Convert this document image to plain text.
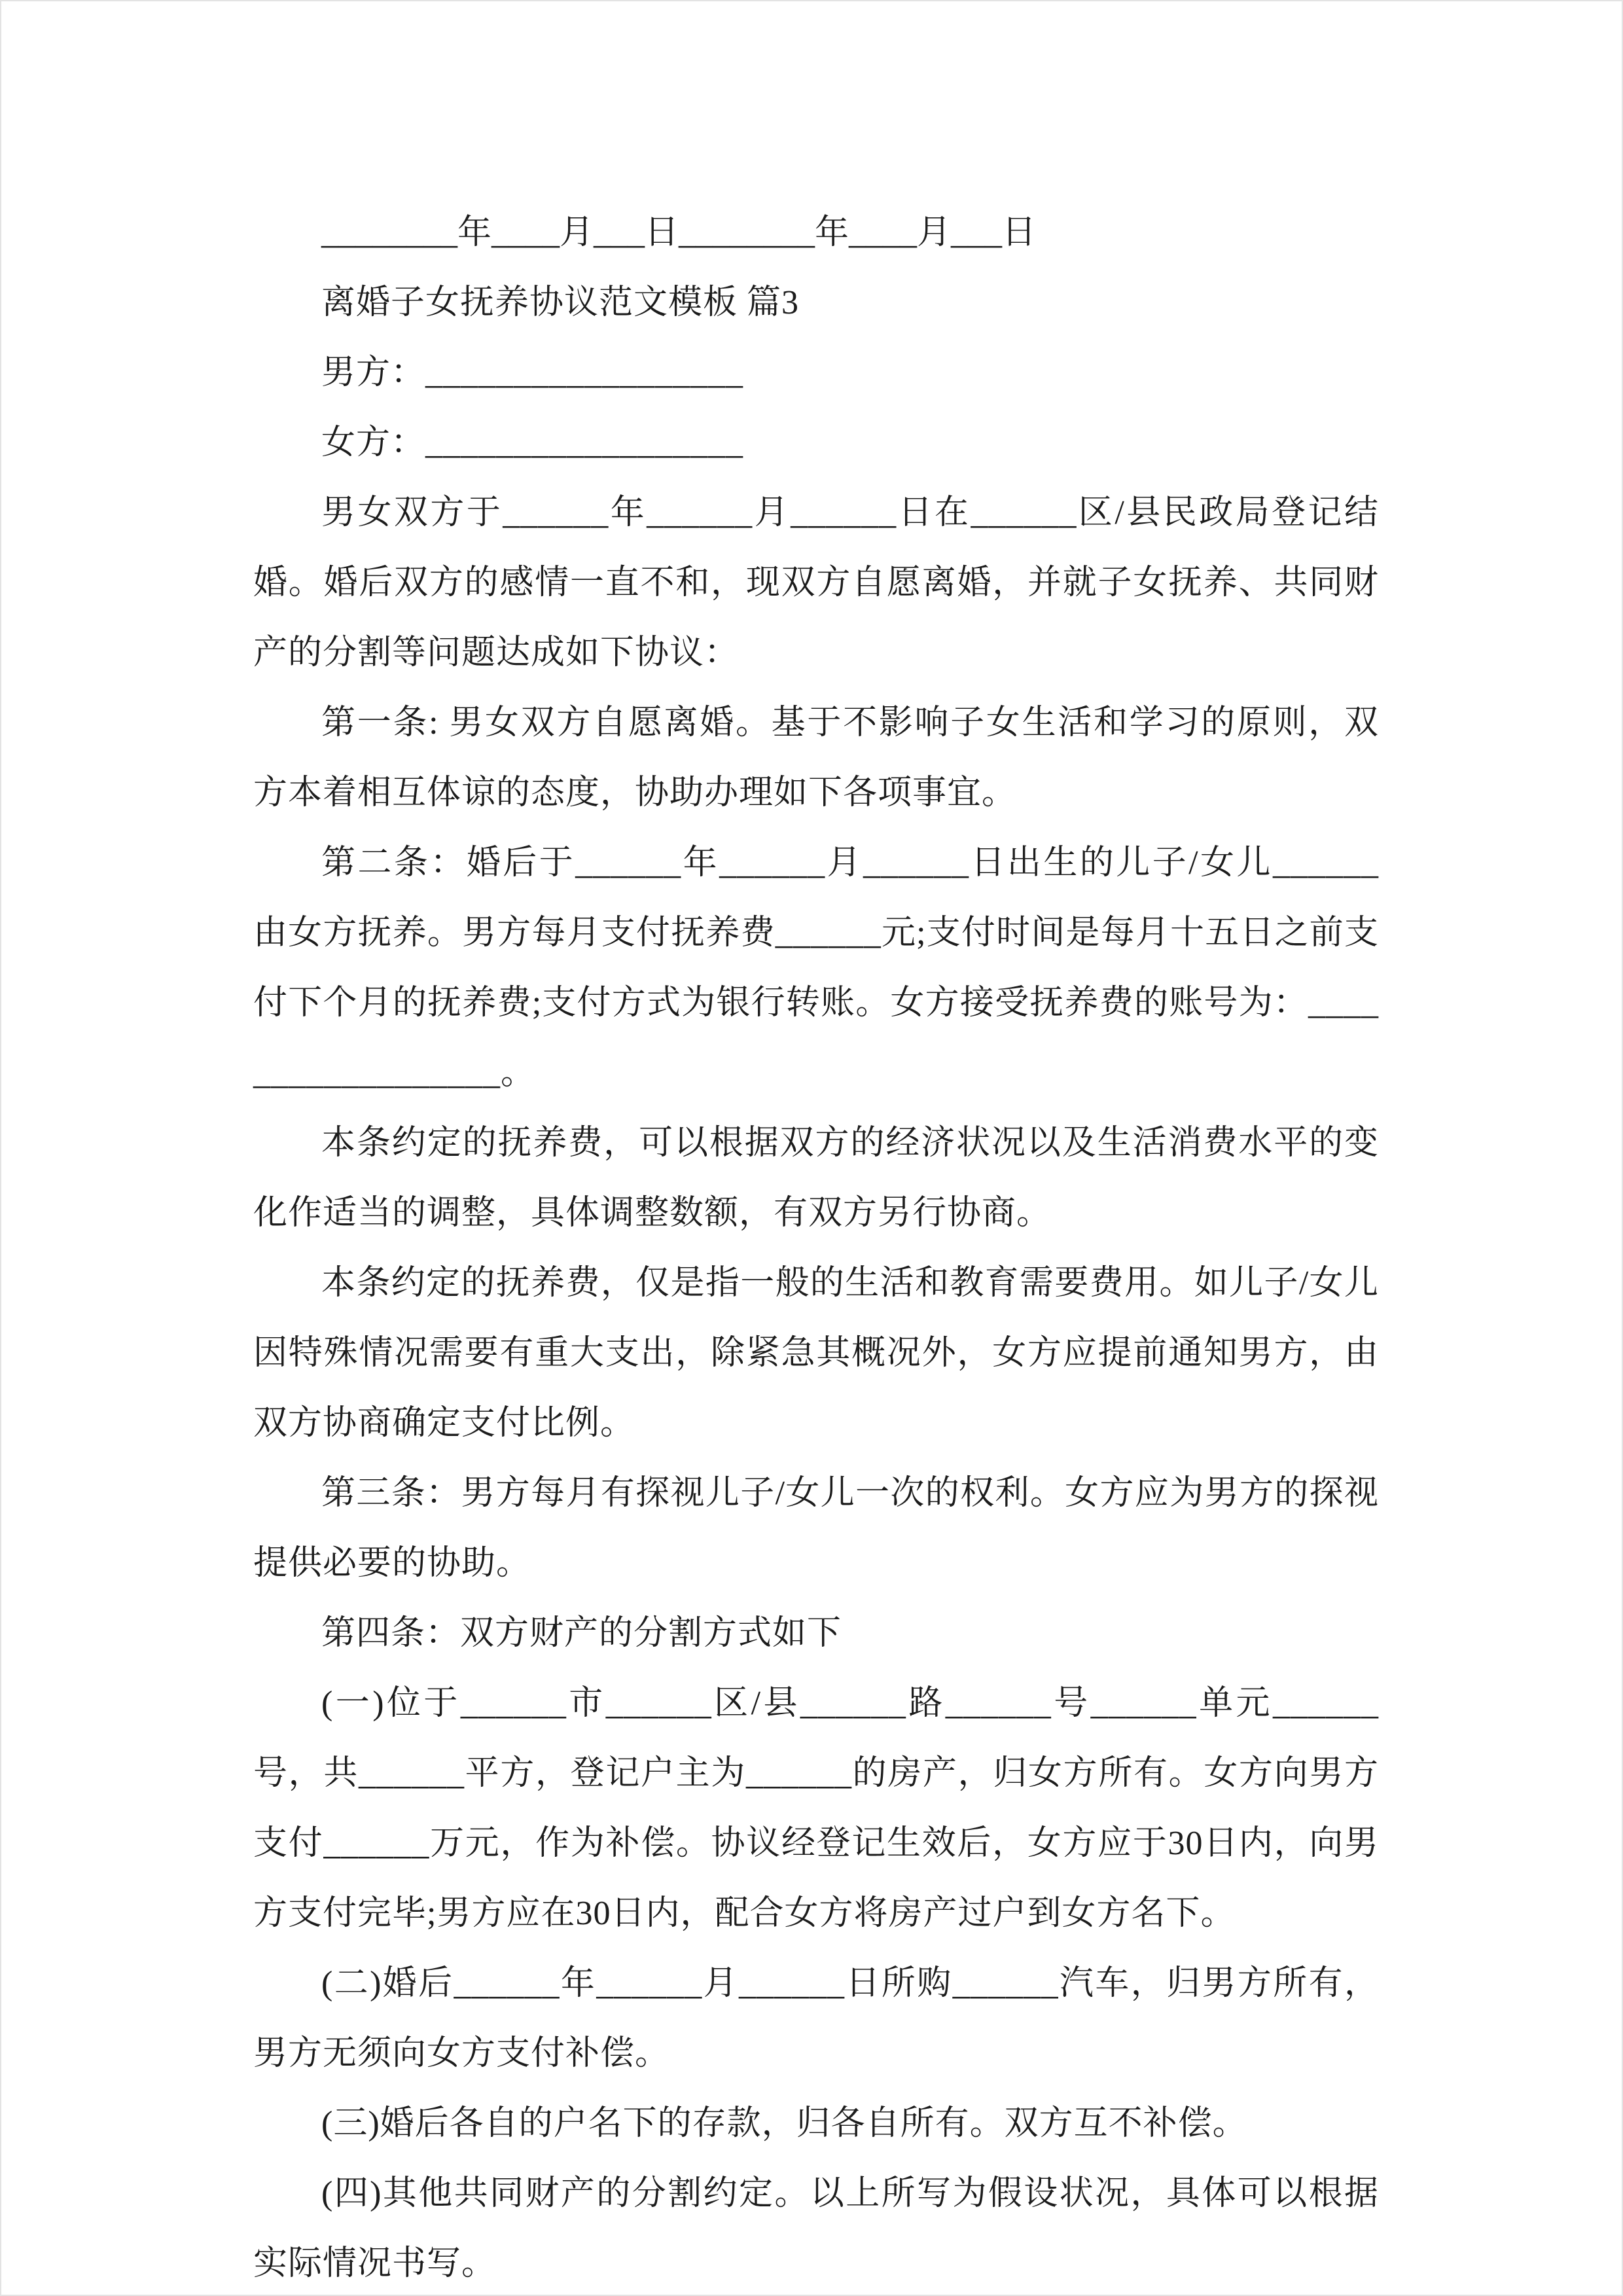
________年____月___日________年____月___日

离婚子女抚养协议范文模板 篇3

男方：__________________

女方：__________________

男女双方于______年______月______日在______区/县民政局登记结婚。婚后双方的感情一直不和，现双方自愿离婚，并就子女抚养、共同财产的分割等问题达成如下协议：

第一条: 男女双方自愿离婚。基于不影响子女生活和学习的原则，双方本着相互体谅的态度，协助办理如下各项事宜。

第二条：婚后于______年______月______日出生的儿子/女儿______由女方抚养。男方每月支付抚养费______元;支付时间是每月十五日之前支付下个月的抚养费;支付方式为银行转账。女方接受抚养费的账号为：__________________。

本条约定的抚养费，可以根据双方的经济状况以及生活消费水平的变化作适当的调整，具体调整数额，有双方另行协商。

本条约定的抚养费，仅是指一般的生活和教育需要费用。如儿子/女儿因特殊情况需要有重大支出，除紧急其概况外，女方应提前通知男方，由双方协商确定支付比例。

第三条：男方每月有探视儿子/女儿一次的权利。女方应为男方的探视提供必要的协助。

第四条：双方财产的分割方式如下

(一)位于______市______区/县______路______号______单元______号，共______平方，登记户主为______的房产，归女方所有。女方向男方支付______万元，作为补偿。协议经登记生效后，女方应于30日内，向男方支付完毕;男方应在30日内，配合女方将房产过户到女方名下。

(二)婚后______年______月______日所购______汽车，归男方所有，男方无须向女方支付补偿。

(三)婚后各自的户名下的存款，归各自所有。双方互不补偿。

(四)其他共同财产的分割约定。以上所写为假设状况，具体可以根据实际情况书写。
